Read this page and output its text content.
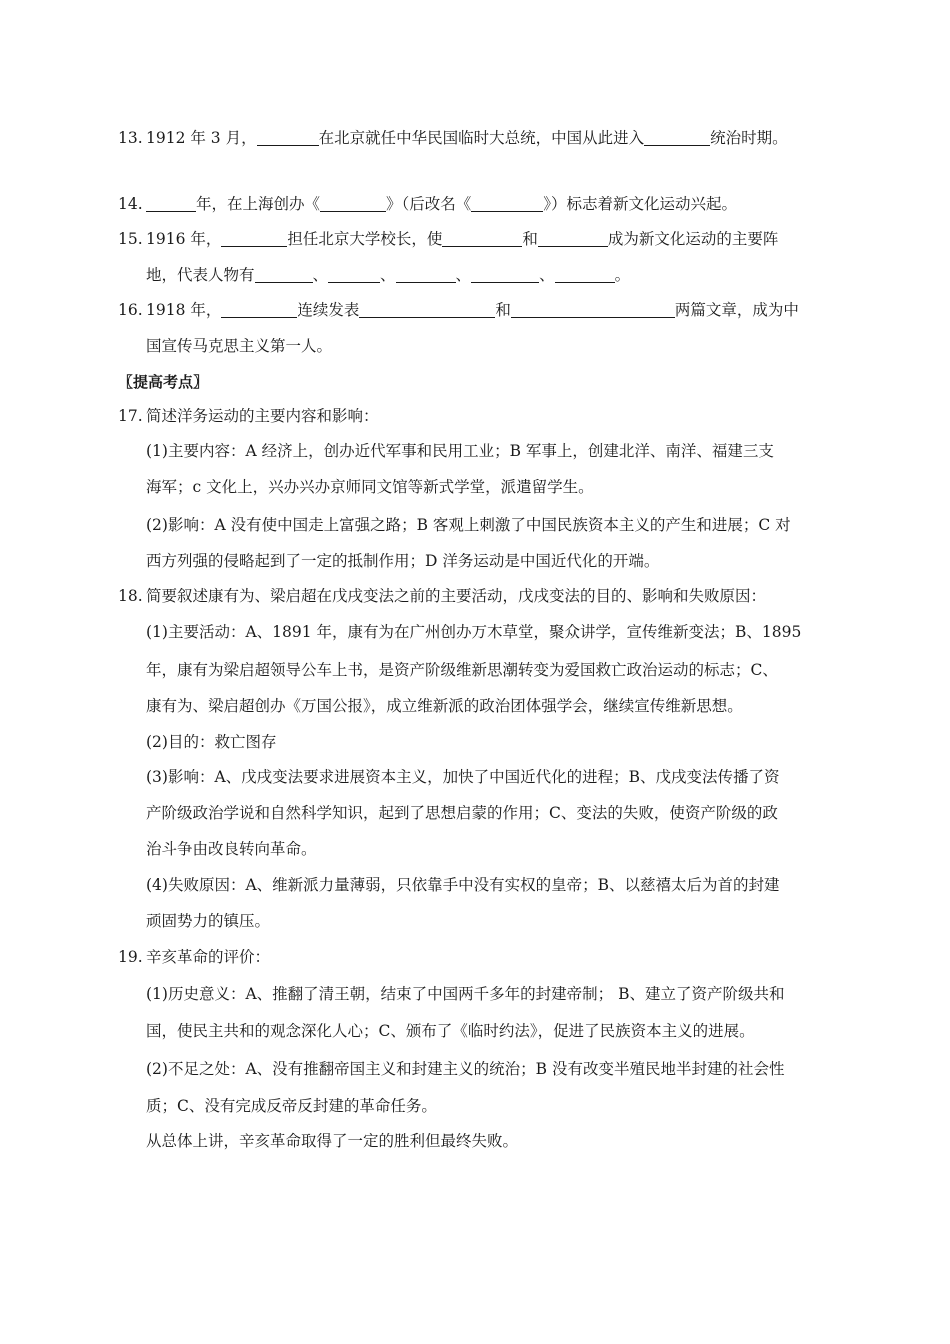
13. 1912 年 3 月，	在北京就任中华民国临时大总统，中国从此进入	统治时期。
14.	年，在上海创办《	》（后改名《	》）标志着新文化运动兴起。
15. 1916 年，	担任北京大学校长，使	和	成为新文化运动的主要阵
地，代表人物有	、	、	、	、	。
16. 1918 年，	连续发表	和	两篇文章，成为中
国宣传马克思主义第一人。
〖提高考点〗
17. 简述洋务运动的主要内容和影响：
(1)主要内容：A 经济上，创办近代军事和民用工业；B 军事上，创建北洋、南洋、福建三支
海军；c 文化上，兴办兴办京师同文馆等新式学堂，派遣留学生。
(2)影响：A 没有使中国走上富强之路；B 客观上刺激了中国民族资本主义的产生和进展；C 对
西方列强的侵略起到了一定的抵制作用；D 洋务运动是中国近代化的开端。
18. 简要叙述康有为、梁启超在戊戌变法之前的主要活动，戊戌变法的目的、影响和失败原因：
(1)主要活动：A、1891 年，康有为在广州创办万木草堂，聚众讲学，宣传维新变法；B、1895
年，康有为梁启超领导公车上书，是资产阶级维新思潮转变为爱国救亡政治运动的标志；C、
康有为、梁启超创办《万国公报》，成立维新派的政治团体强学会，继续宣传维新思想。
(2)目的：救亡图存
(3)影响：A、戊戌变法要求进展资本主义，加快了中国近代化的进程；B、戊戌变法传播了资
产阶级政治学说和自然科学知识，起到了思想启蒙的作用；C、变法的失败，使资产阶级的政
治斗争由改良转向革命。
(4)失败原因：A、维新派力量薄弱，只依靠手中没有实权的皇帝；B、以慈禧太后为首的封建
顽固势力的镇压。
19. 辛亥革命的评价：
(1)历史意义：A、推翻了清王朝，结束了中国两千多年的封建帝制； B、建立了资产阶级共和
国，使民主共和的观念深化人心；C、颁布了《临时约法》，促进了民族资本主义的进展。
(2)不足之处：A、没有推翻帝国主义和封建主义的统治；B 没有改变半殖民地半封建的社会性
质；C、没有完成反帝反封建的革命任务。
从总体上讲，辛亥革命取得了一定的胜利但最终失败。
